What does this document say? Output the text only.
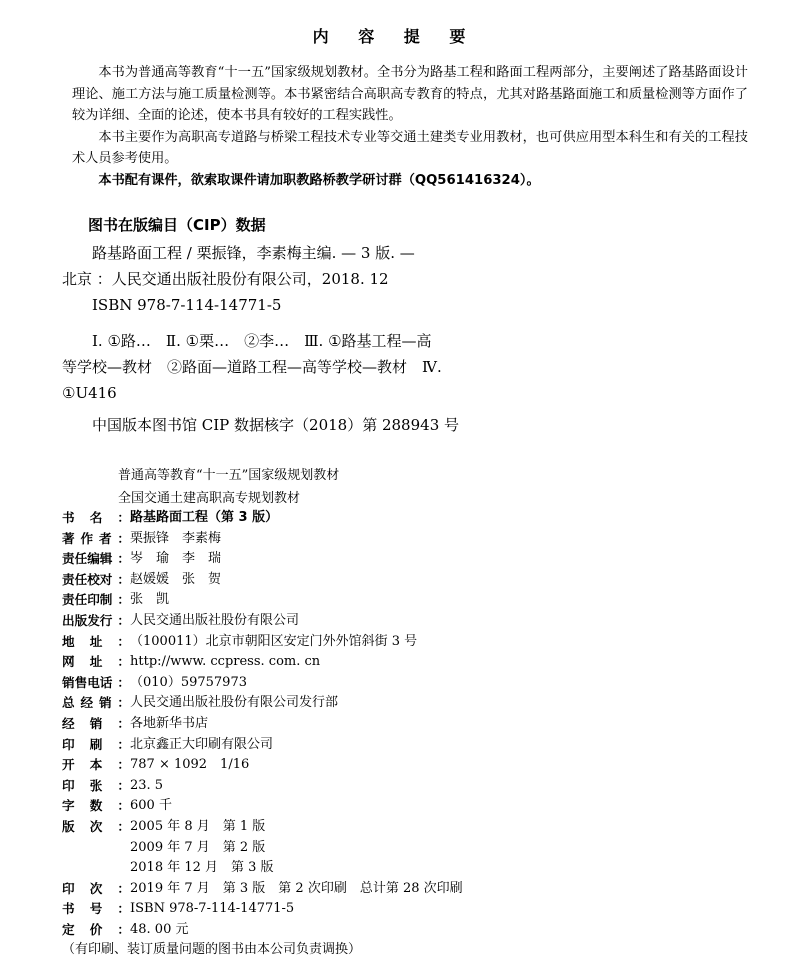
内 容 提 要

本书为普通高等教育“十一五”国家级规划教材。全书分为路基工程和路面工程两部分，主要阐述了路基路面设计理论、施工方法与施工质量检测等。本书紧密结合高职高专教育的特点，尤其对路基路面施工和质量检测等方面作了较为详细、全面的论述，使本书具有较好的工程实践性。

本书主要作为高职高专道路与桥梁工程技术专业等交通土建类专业用教材，也可供应用型本科生和有关的工程技术人员参考使用。

本书配有课件，欲索取课件请加职教路桥教学研讨群（QQ561416324）。

图书在版编目（CIP）数据

路基路面工程 / 栗振锋，李素梅主编. — 3 版. —

北京 ：人民交通出版社股份有限公司，2018. 12

ISBN 978-7-114-14771-5

Ⅰ. ①路…　Ⅱ. ①栗…　②李…　Ⅲ. ①路基工程—高

等学校—教材　②路面—道路工程—高等学校—教材　Ⅳ.

①U416

中国版本图书馆 CIP 数据核字（2018）第 288943 号

普通高等教育“十一五”国家级规划教材
全国交通土建高职高专规划教材
书 名 ： 路基路面工程（第 3 版）
著 作 者 ： 栗振锋　李素梅
责任编辑 ： 岑　瑜　李　瑞
责任校对 ： 赵媛媛　张　贺
责任印制 ： 张　凯
出版发行 ： 人民交通出版社股份有限公司
地 址 ： （100011）北京市朝阳区安定门外外馆斜街 3 号
网 址 ： http://www. ccpress. com. cn
销售电话 ： （010）59757973
总 经 销 ： 人民交通出版社股份有限公司发行部
经 销 ： 各地新华书店
印 刷 ： 北京鑫正大印刷有限公司
开 本 ： 787 × 1092　1/16
印 张 ： 23. 5
字 数 ： 600 千
版 次 ： 2005 年 8 月　第 1 版
2009 年 7 月　第 2 版
2018 年 12 月　第 3 版
印 次 ： 2019 年 7 月　第 3 版　第 2 次印刷　总计第 28 次印刷
书 号 ： ISBN 978-7-114-14771-5
定 价 ： 48. 00 元
（有印刷、装订质量问题的图书由本公司负责调换）
